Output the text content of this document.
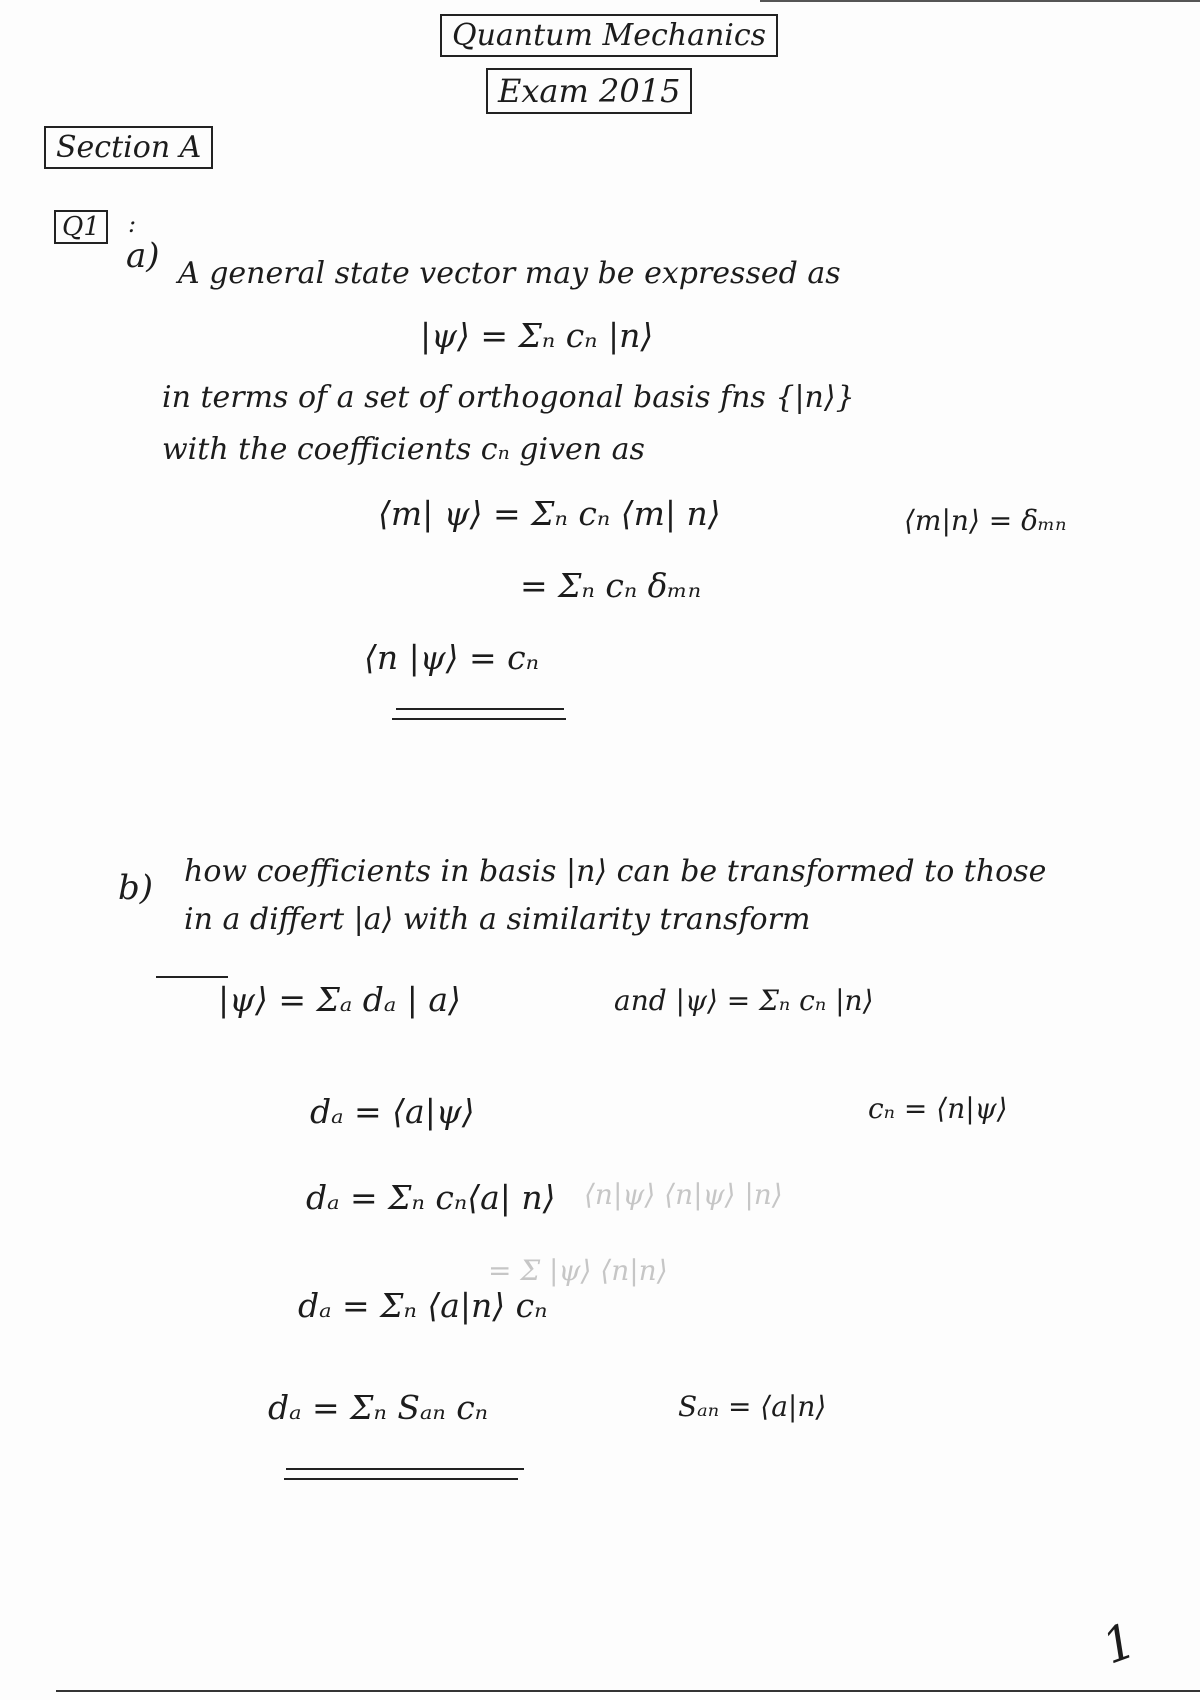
Quantum Mechanics
Exam 2015
Section A
Q1	:
a) A general state vector may be expressed as
|ψ⟩ = Σₙ cₙ |n⟩
in terms of a set of orthogonal basis fns {|n⟩}
with the coefficients cₙ given as
⟨m| ψ⟩ = Σₙ cₙ ⟨m| n⟩	⟨m|n⟩ = δₘₙ
= Σₙ cₙ δₘₙ
⟨n |ψ⟩ = cₙ
b) how coefficients in basis |n⟩ can be transformed to those
in a differt |a⟩ with a similarity transform
|ψ⟩ = Σₐ dₐ | a⟩	and |ψ⟩ = Σₙ cₙ |n⟩
dₐ = ⟨a|ψ⟩	cₙ = ⟨n|ψ⟩
dₐ = Σₙ cₙ⟨a| n⟩ ⟨n|ψ⟩ ⟨n|ψ⟩ |n⟩
= Σ |ψ⟩ ⟨n|n⟩
dₐ = Σₙ ⟨a|n⟩ cₙ
dₐ = Σₙ Sₐₙ cₙ	Sₐₙ = ⟨a|n⟩
1
